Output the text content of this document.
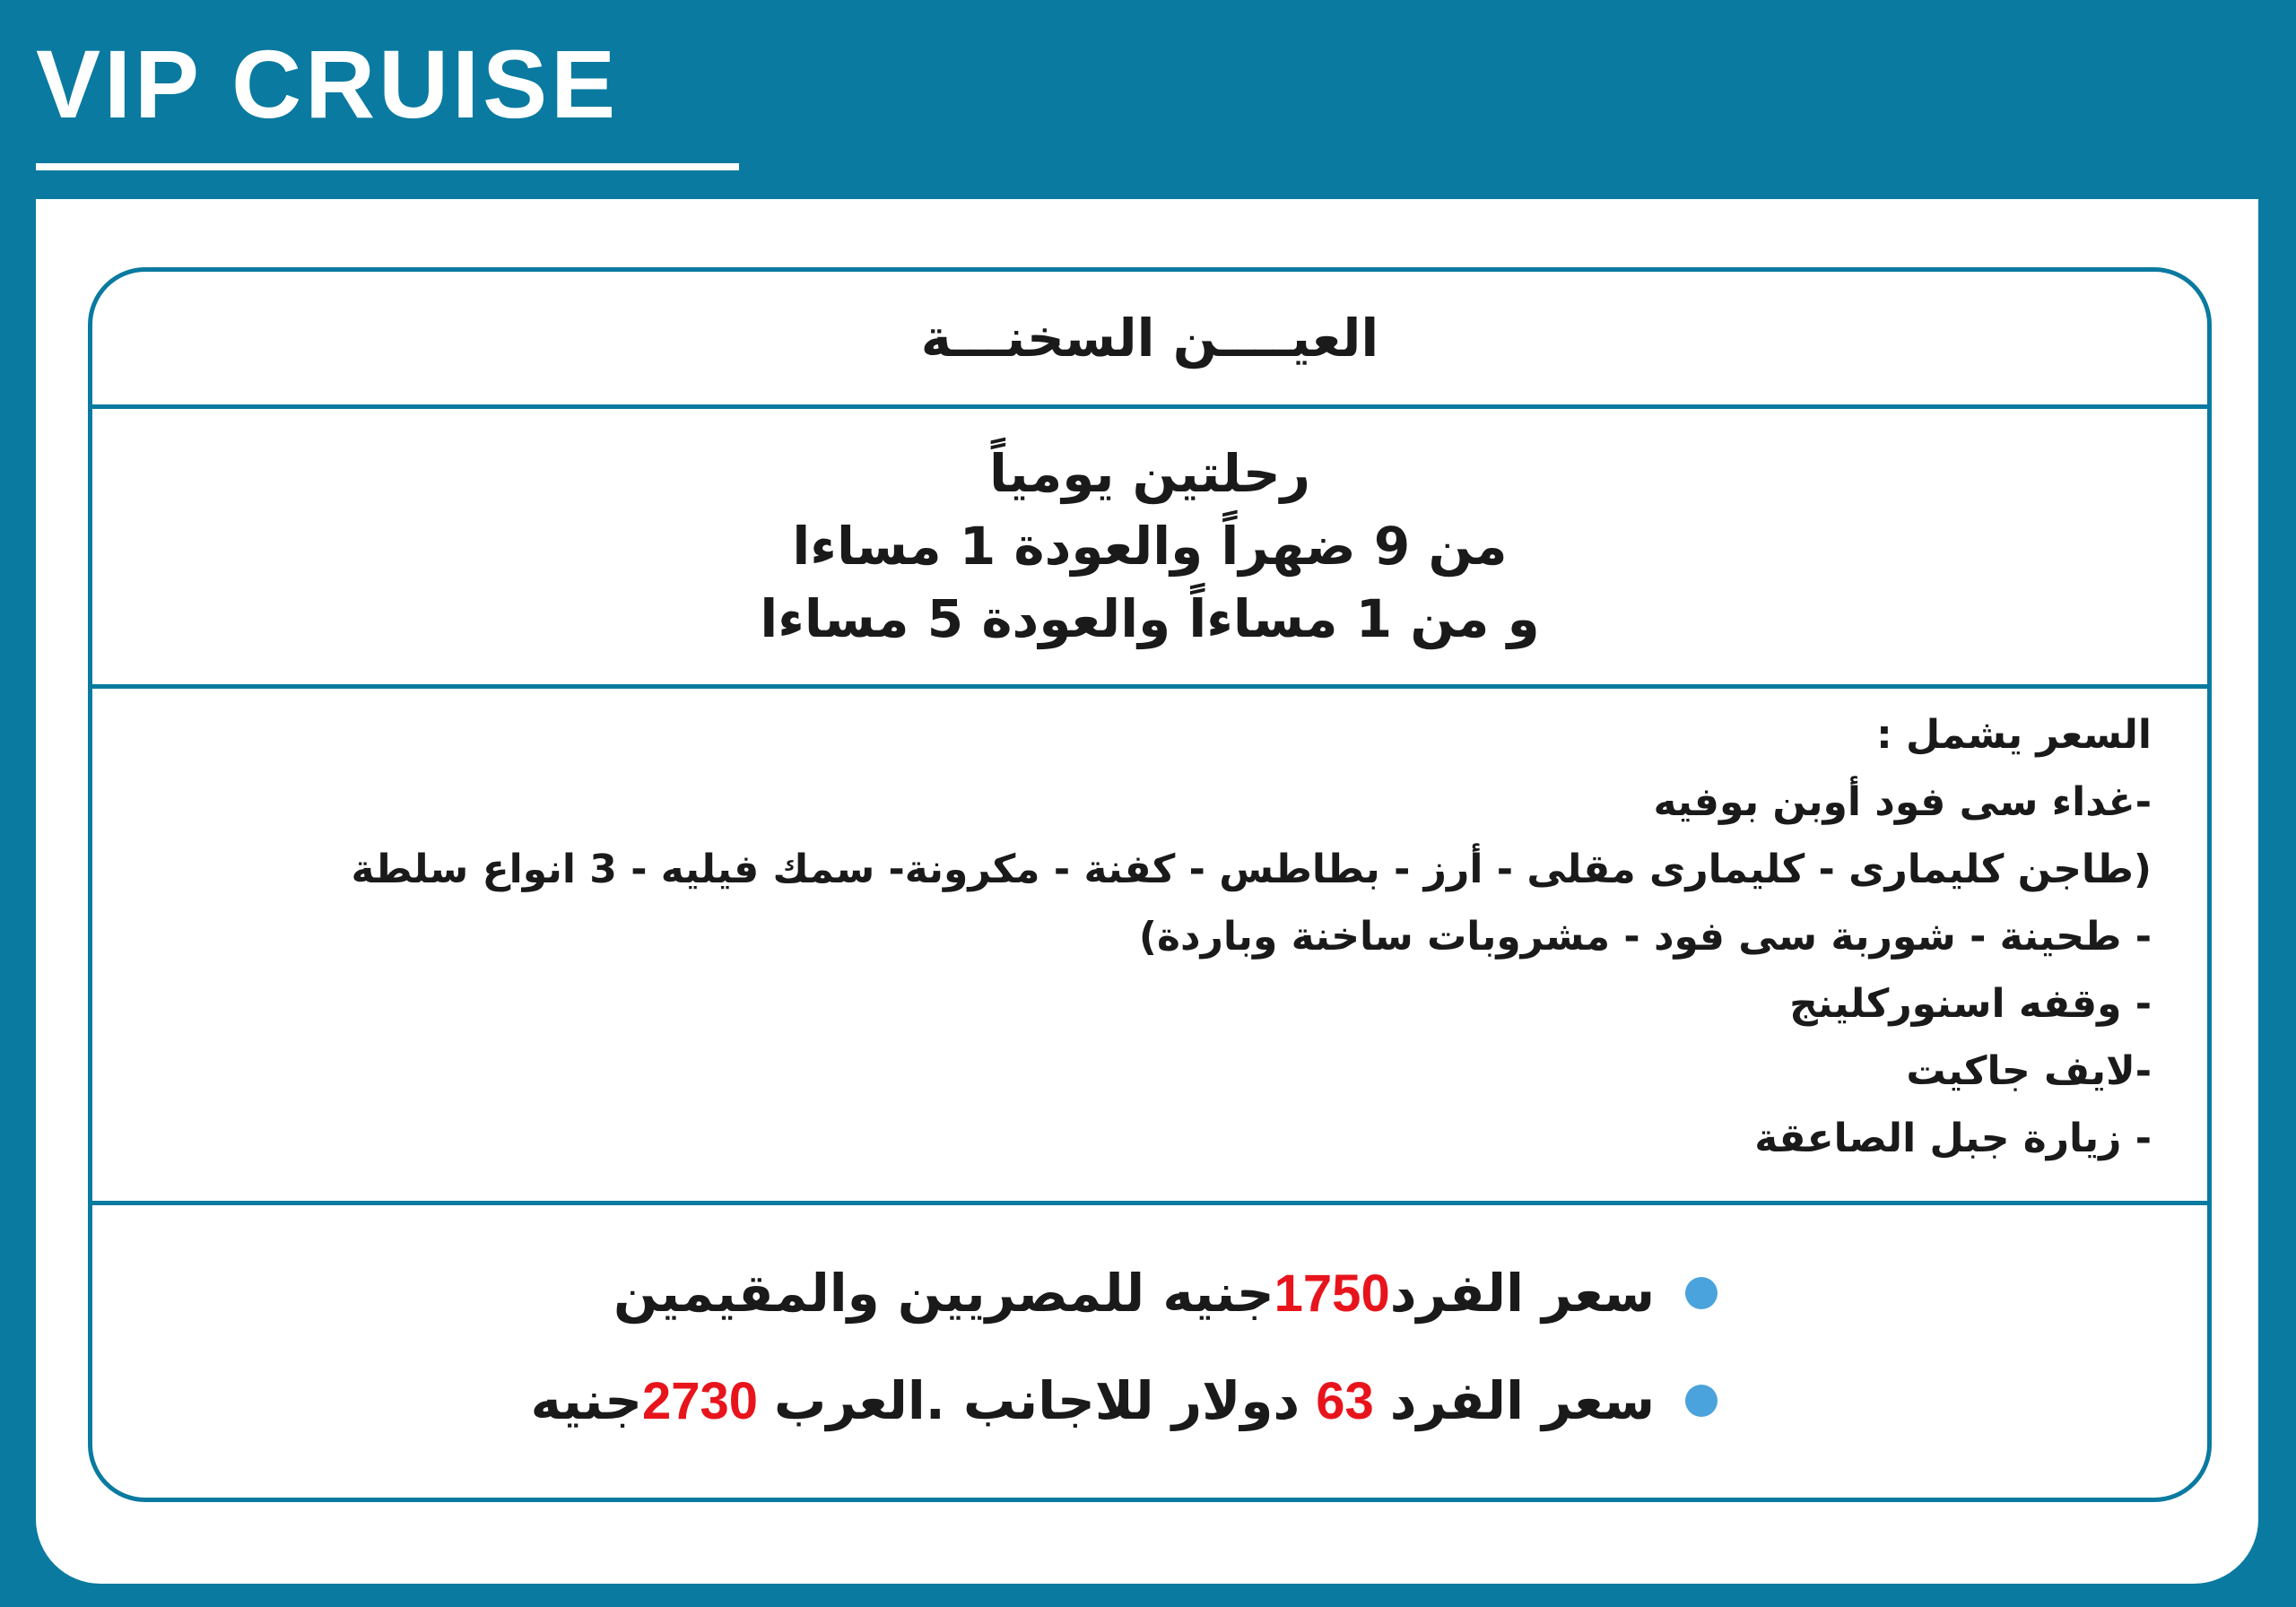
VIP CRUISE
العيــــن السخنـــة
رحلتين يومياً
من 9 ضهراً والعودة 1 مساءا
و من 1 مساءاً والعودة 5 مساءا
السعر يشمل :
-غداء سى فود أوبن بوفيه
(طاجن كليمارى - كليمارى مقلى - أرز - بطاطس - كفنة - مكرونة- سمك فيليه - 3 انواع سلطة
- طحينة - شوربة سى فود - مشروبات ساخنة وباردة)
- وقفه اسنوركلينج
-لايف جاكيت
- زيارة جبل الصاعقة
سعر الفرد
1750
جنيه للمصريين والمقيمين
سعر الفرد
63
دولار للاجانب .العرب
2730
جنيه
